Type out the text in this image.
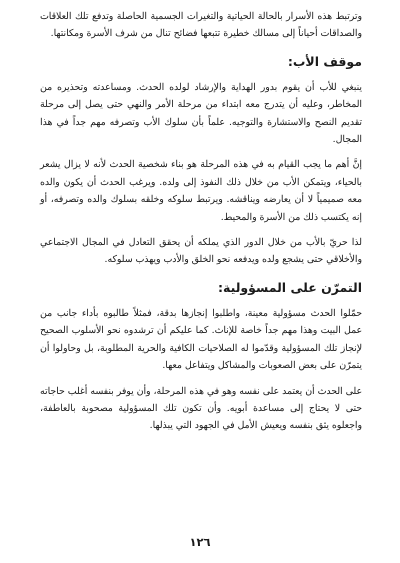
وترتبط هذه الأسرار بالحالة الحياتية والتغيرات الجسمية الحاصلة وتدفع تلك العلاقات والصداقات أحياناً إلى مسالك خطيرة تتبعها فضائح تنال من شرف الأسرة ومكانتها.

موقف الأب:

ينبغي للأب أن يقوم بدور الهداية والإرشاد لولده الحدث. ومساعدته وتحذيره من المخاطر، وعليه أن يتدرج معه ابتداء من مرحلة الأمر والنهي حتى يصل إلى مرحلة تقديم النصح والاستشارة والتوجيه. علماً بأن سلوك الأب وتصرفه مهم جداً في هذا المجال.

إنَّ أهم ما يجب القيام به في هذه المرحلة هو بناء شخصية الحدث لأنه لا يزال يشعر بالحياء، ويتمكن الأب من خلال ذلك النفوذ إلى ولده. ويرغب الحدث أن يكون والده معه صميمياً لا أن يعارضه ويناقشه. ويرتبط سلوكه وخلقه بسلوك والده وتصرفه، أو إنه يكتسب ذلك من الأسرة والمحيط.

لذا حريّ بالأب من خلال الدور الذي يملكه أن يحقق التعادل في المجال الاجتماعي والأخلاقي حتى يشجع ولده ويدفعه نحو الخلق والأدب ويهذب سلوكه.

التمرّن على المسؤولية:

حمّلوا الحدث مسؤولية معينة، واطلبوا إنجازها بدقة، فمثلاً طالبوه بأداء جانب من عمل البيت وهذا مهم جداً خاصة للإناث. كما عليكم أن ترشدوه نحو الأسلوب الصحيح لإنجاز تلك المسؤولية وقدّموا له الصلاحيات الكافية والحرية المطلوبة، بل وحاولوا أن يتمرّن على بعض الصعوبات والمشاكل ويتفاعل معها.

على الحدث أن يعتمد على نفسه وهو في هذه المرحلة، وأن يوفر بنفسه أغلب حاجاته حتى لا يحتاج إلى مساعدة أبويه. وأن تكون تلك المسؤولية مصحوبة بالعاطفة، واجعلوه يثق بنفسه ويعيش الأمل في الجهود التي يبذلها.

١٢٦
